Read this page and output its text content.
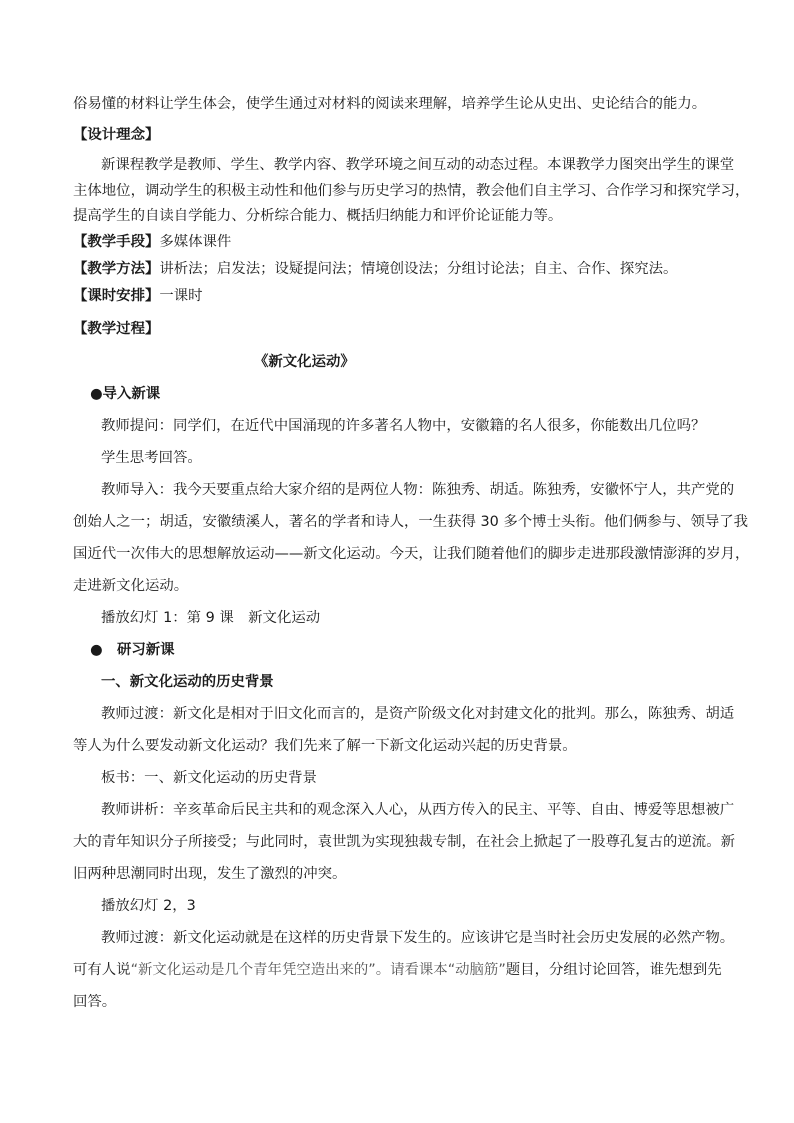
俗易懂的材料让学生体会，使学生通过对材料的阅读来理解，培养学生论从史出、史论结合的能力。
【设计理念】
新课程教学是教师、学生、教学内容、教学环境之间互动的动态过程。本课教学力图突出学生的课堂
主体地位，调动学生的积极主动性和他们参与历史学习的热情，教会他们自主学习、合作学习和探究学习，
提高学生的自读自学能力、分析综合能力、概括归纳能力和评价论证能力等。
【教学手段】多媒体课件
【教学方法】讲析法；启发法；设疑提问法；情境创设法；分组讨论法；自主、合作、探究法。
【课时安排】一课时
【教学过程】
《新文化运动》
●导入新课
教师提问：同学们，在近代中国涌现的许多著名人物中，安徽籍的名人很多，你能数出几位吗？
学生思考回答。
教师导入：我今天要重点给大家介绍的是两位人物：陈独秀、胡适。陈独秀，安徽怀宁人，共产党的
创始人之一；胡适，安徽绩溪人，著名的学者和诗人，一生获得 30 多个博士头衔。他们俩参与、领导了我
国近代一次伟大的思想解放运动——新文化运动。今天，让我们随着他们的脚步走进那段激情澎湃的岁月，
走进新文化运动。
播放幻灯 1：第 9 课　新文化运动
●　研习新课
一、新文化运动的历史背景
教师过渡：新文化是相对于旧文化而言的，是资产阶级文化对封建文化的批判。那么，陈独秀、胡适
等人为什么要发动新文化运动？我们先来了解一下新文化运动兴起的历史背景。
板书：一、新文化运动的历史背景
教师讲析：辛亥革命后民主共和的观念深入人心，从西方传入的民主、平等、自由、博爱等思想被广
大的青年知识分子所接受；与此同时，袁世凯为实现独裁专制，在社会上掀起了一股尊孔复古的逆流。新
旧两种思潮同时出现，发生了激烈的冲突。
播放幻灯 2，3
教师过渡：新文化运动就是在这样的历史背景下发生的。应该讲它是当时社会历史发展的必然产物。
可有人说“新文化运动是几个青年凭空造出来的”。请看课本“动脑筋”题目，分组讨论回答，谁先想到先
回答。
